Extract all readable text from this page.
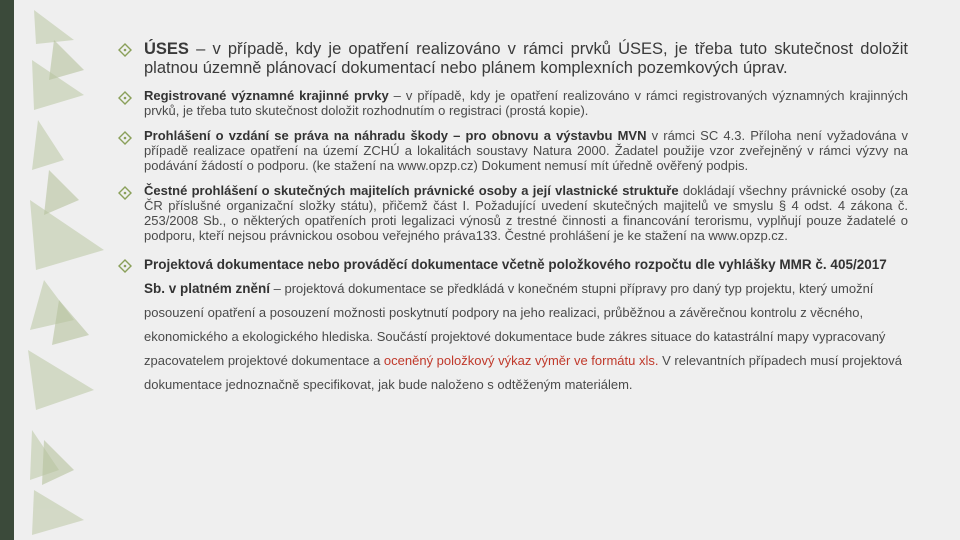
ÚSES – v případě, kdy je opatření realizováno v rámci prvků ÚSES, je třeba tuto skutečnost doložit platnou územně plánovací dokumentací nebo plánem komplexních pozemkových úprav.

Registrované významné krajinné prvky – v případě, kdy je opatření realizováno v rámci registrovaných významných krajinných prvků, je třeba tuto skutečnost doložit rozhodnutím o registraci (prostá kopie).

Prohlášení o vzdání se práva na náhradu škody – pro obnovu a výstavbu MVN v rámci SC 4.3. Příloha není vyžadována v případě realizace opatření na území ZCHÚ a lokalitách soustavy Natura 2000. Žadatel použije vzor zveřejněný v rámci výzvy na podávání žádostí o podporu. (ke stažení na www.opzp.cz) Dokument nemusí mít úředně ověřený podpis.

Čestné prohlášení o skutečných majitelích právnické osoby a její vlastnické struktuře dokládají všechny právnické osoby (za ČR příslušné organizační složky státu), přičemž část I. Požadující uvedení skutečných majitelů ve smyslu § 4 odst. 4 zákona č. 253/2008 Sb., o některých opatřeních proti legalizaci výnosů z trestné činnosti a financování terorismu, vyplňují pouze žadatelé o podporu, kteří nejsou právnickou osobou veřejného práva133. Čestné prohlášení je ke stažení na www.opzp.cz.

Projektová dokumentace nebo prováděcí dokumentace včetně položkového rozpočtu dle vyhlášky MMR č. 405/2017 Sb. v platném znění – projektová dokumentace se předkládá v konečném stupni přípravy pro daný typ projektu, který umožní posouzení opatření a posouzení možnosti poskytnutí podpory na jeho realizaci, průběžnou a závěrečnou kontrolu z věcného, ekonomického a ekologického hlediska. Součástí projektové dokumentace bude zákres situace do katastrální mapy vypracovaný zpacovatelem projektové dokumentace a oceněný položkový výkaz výměr ve formátu xls. V relevantních případech musí projektová dokumentace jednoznačně specifikovat, jak bude naloženo s odtěženým materiálem.
